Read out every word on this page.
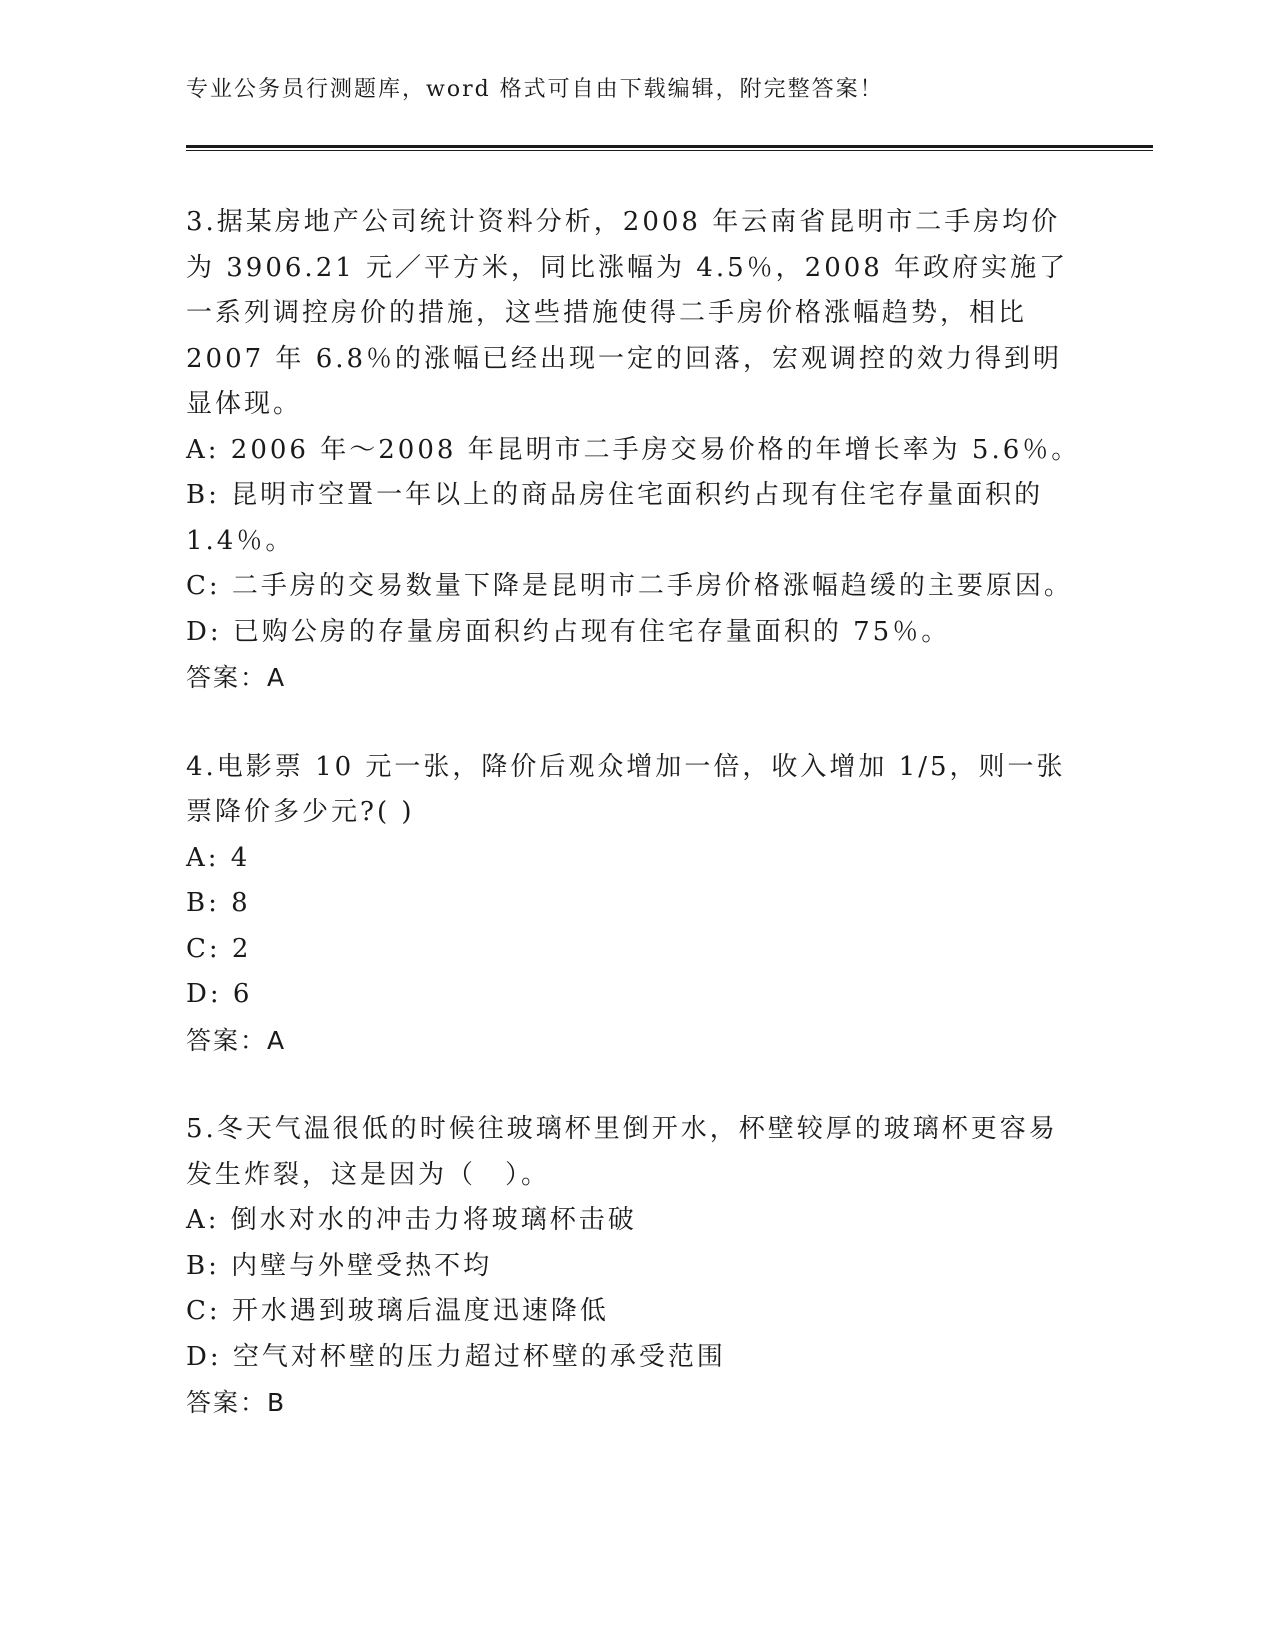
专业公务员行测题库，word 格式可自由下载编辑，附完整答案！

3.据某房地产公司统计资料分析，2008 年云南省昆明市二手房均价为 3906.21 元／平方米，同比涨幅为 4.5％，2008 年政府实施了一系列调控房价的措施，这些措施使得二手房价格涨幅趋势，相比 2007 年 6.8％的涨幅已经出现一定的回落，宏观调控的效力得到明显体现。

A: 2006 年～2008 年昆明市二手房交易价格的年增长率为 5.6％。

B: 昆明市空置一年以上的商品房住宅面积约占现有住宅存量面积的 1.4％。

C: 二手房的交易数量下降是昆明市二手房价格涨幅趋缓的主要原因。

D: 已购公房的存量房面积约占现有住宅存量面积的 75％。

答案：A

4.电影票 10 元一张，降价后观众增加一倍，收入增加 1/5，则一张票降价多少元?( )

A: 4

B: 8

C: 2

D: 6

答案：A

5.冬天气温很低的时候往玻璃杯里倒开水，杯壁较厚的玻璃杯更容易发生炸裂，这是因为（　）。

A: 倒水对水的冲击力将玻璃杯击破

B: 内壁与外壁受热不均

C: 开水遇到玻璃后温度迅速降低

D: 空气对杯壁的压力超过杯壁的承受范围

答案：B
